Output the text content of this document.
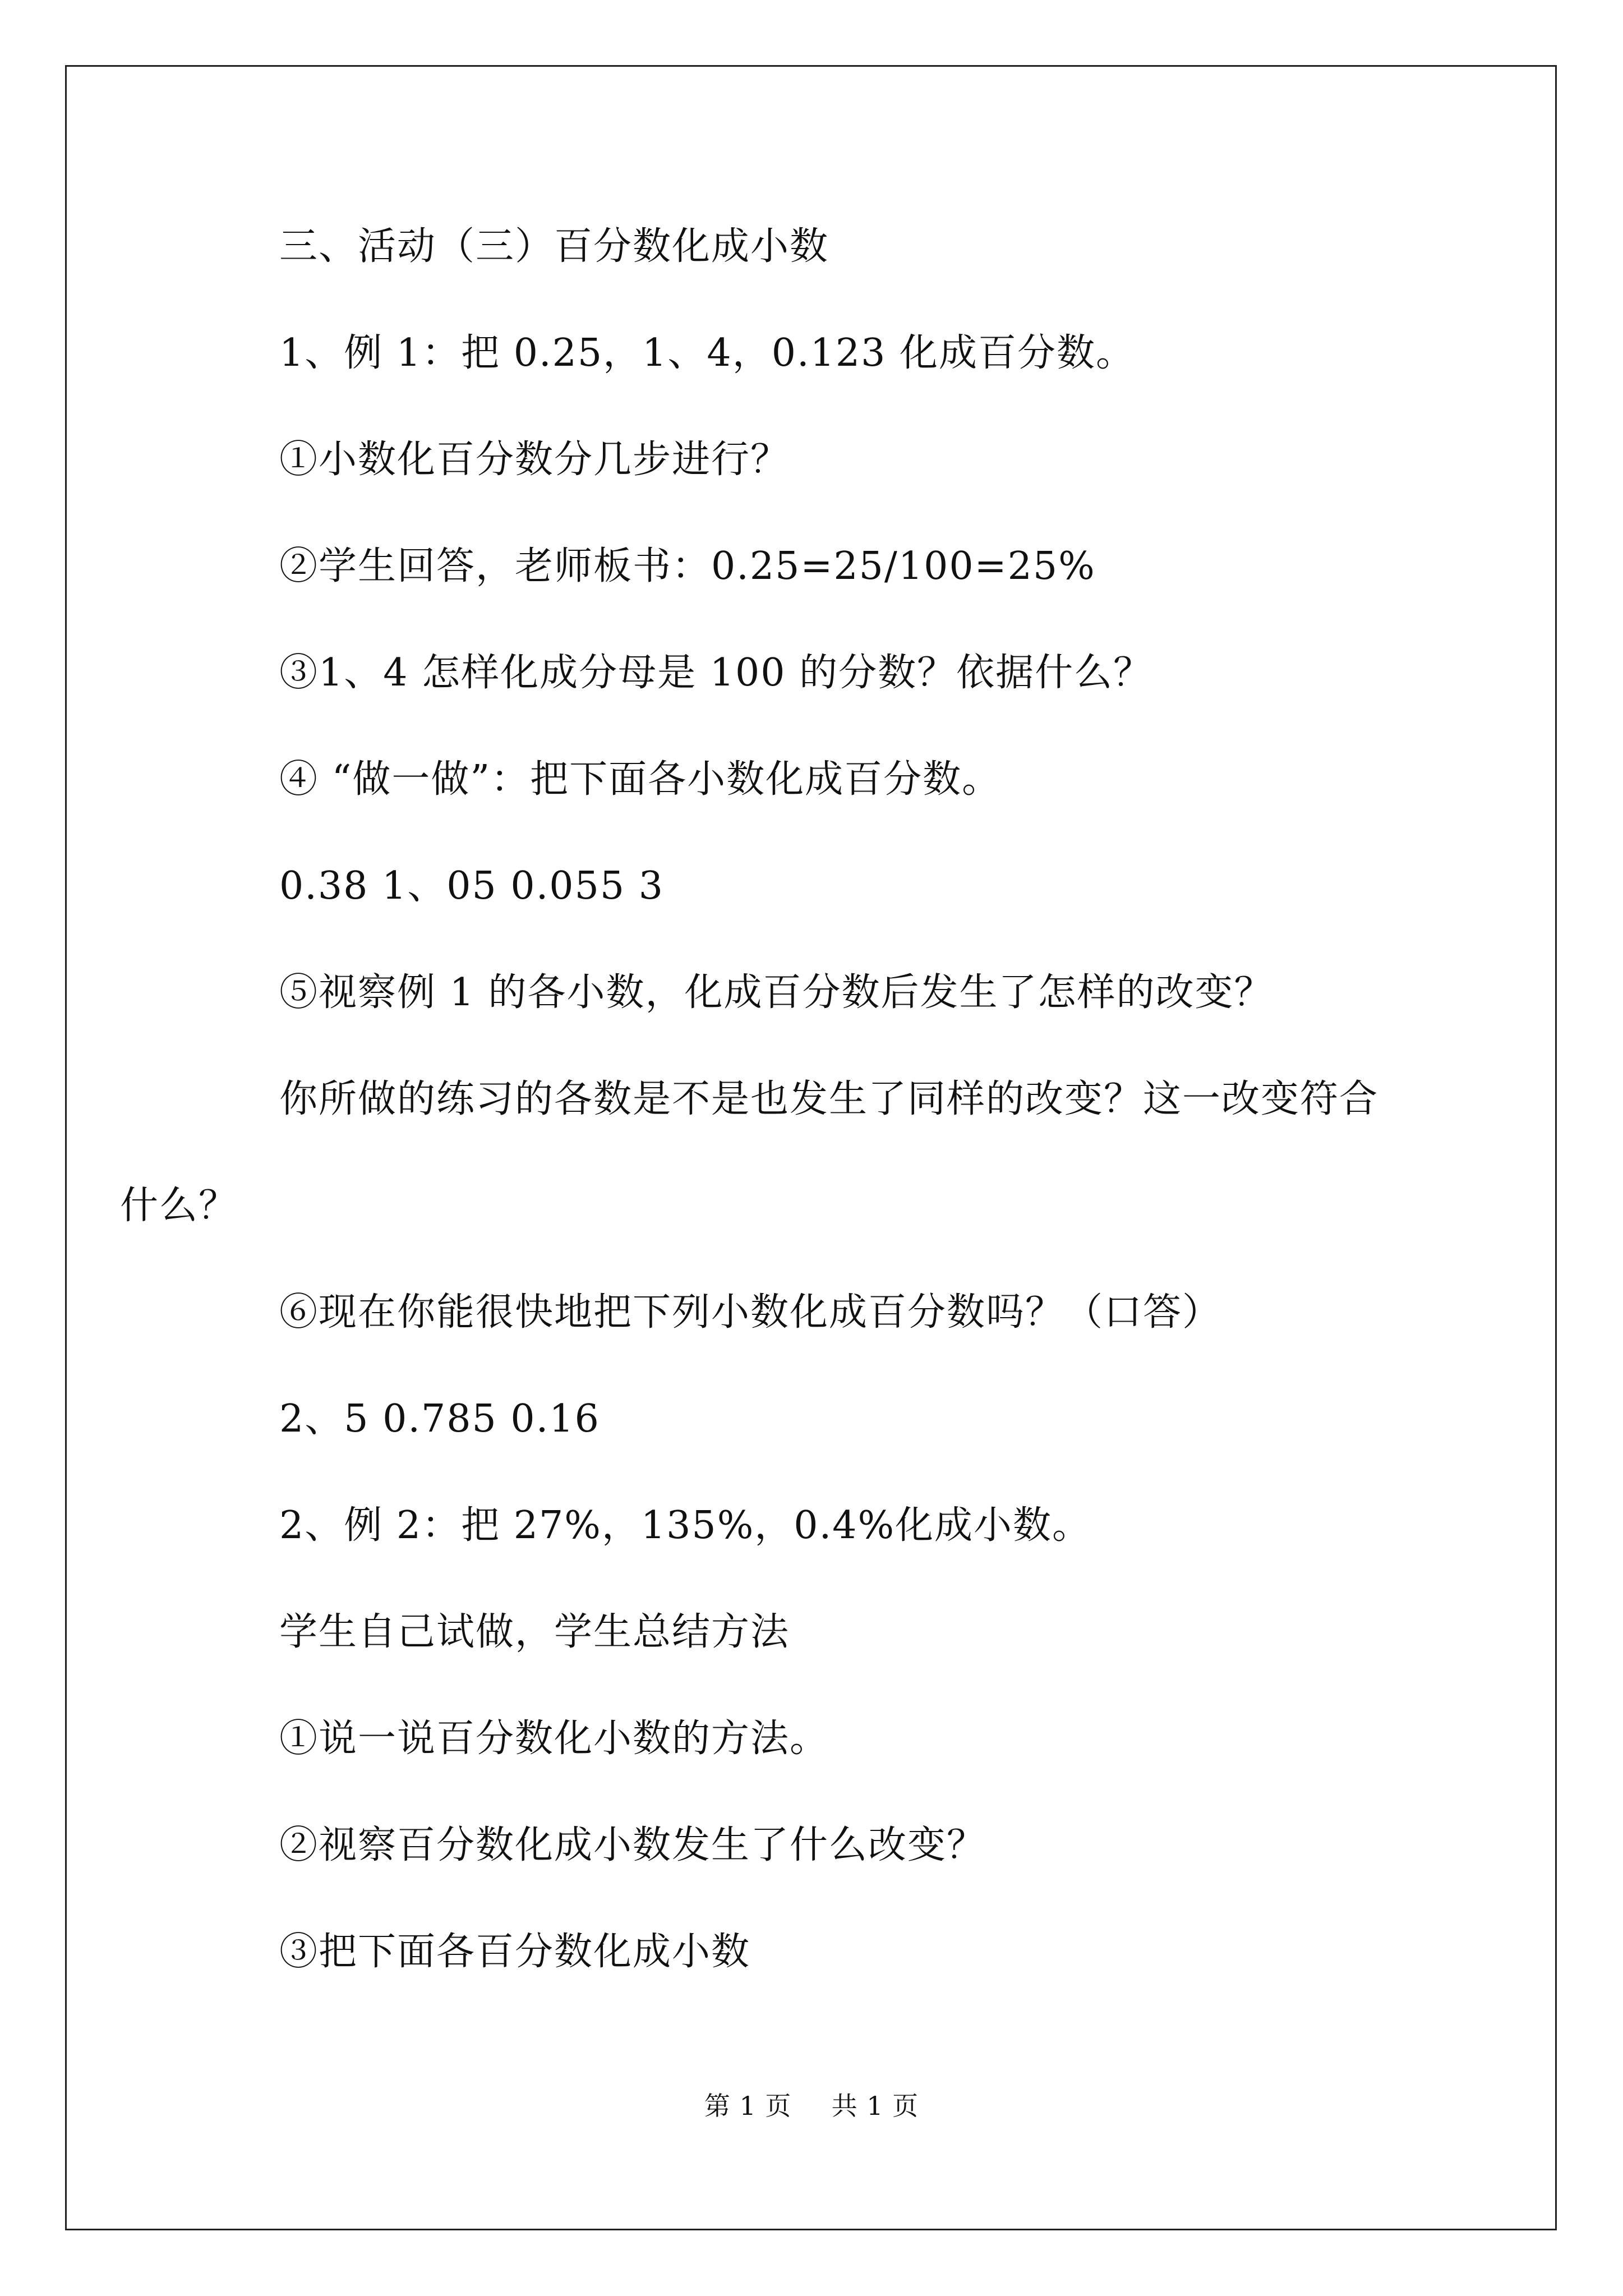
三、活动（三）百分数化成小数

1、例 1：把 0.25，1、4，0.123 化成百分数。

①小数化百分数分几步进行？

②学生回答，老师板书：0.25=25/100=25%

③1、4 怎样化成分母是 100 的分数？依据什么？

④ “做一做”：把下面各小数化成百分数。

0.38 1、05 0.055 3

⑤视察例 1 的各小数，化成百分数后发生了怎样的改变？

你所做的练习的各数是不是也发生了同样的改变？这一改变符合

什么？

⑥现在你能很快地把下列小数化成百分数吗？（口答）

2、5 0.785 0.16

2、例 2：把 27%，135%，0.4%化成小数。

学生自己试做，学生总结方法

①说一说百分数化小数的方法。

②视察百分数化成小数发生了什么改变？

③把下面各百分数化成小数

第 1 页 共 1 页
